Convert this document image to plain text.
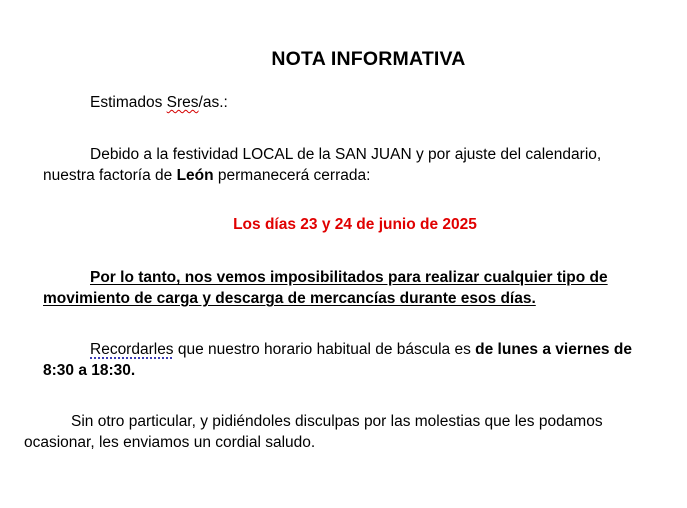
NOTA INFORMATIVA

Estimados Sres/as.:

Debido a la festividad LOCAL de la SAN JUAN y por ajuste del calendario, nuestra factoría de León permanecerá cerrada:

Los días 23 y 24 de junio de 2025

Por lo tanto, nos vemos imposibilitados para realizar cualquier tipo de movimiento de carga y descarga de mercancías durante esos días.

Recordarles que nuestro horario habitual de báscula es de lunes a viernes de 8:30 a 18:30.

Sin otro particular, y pidiéndoles disculpas por las molestias que les podamos ocasionar, les enviamos un cordial saludo.
